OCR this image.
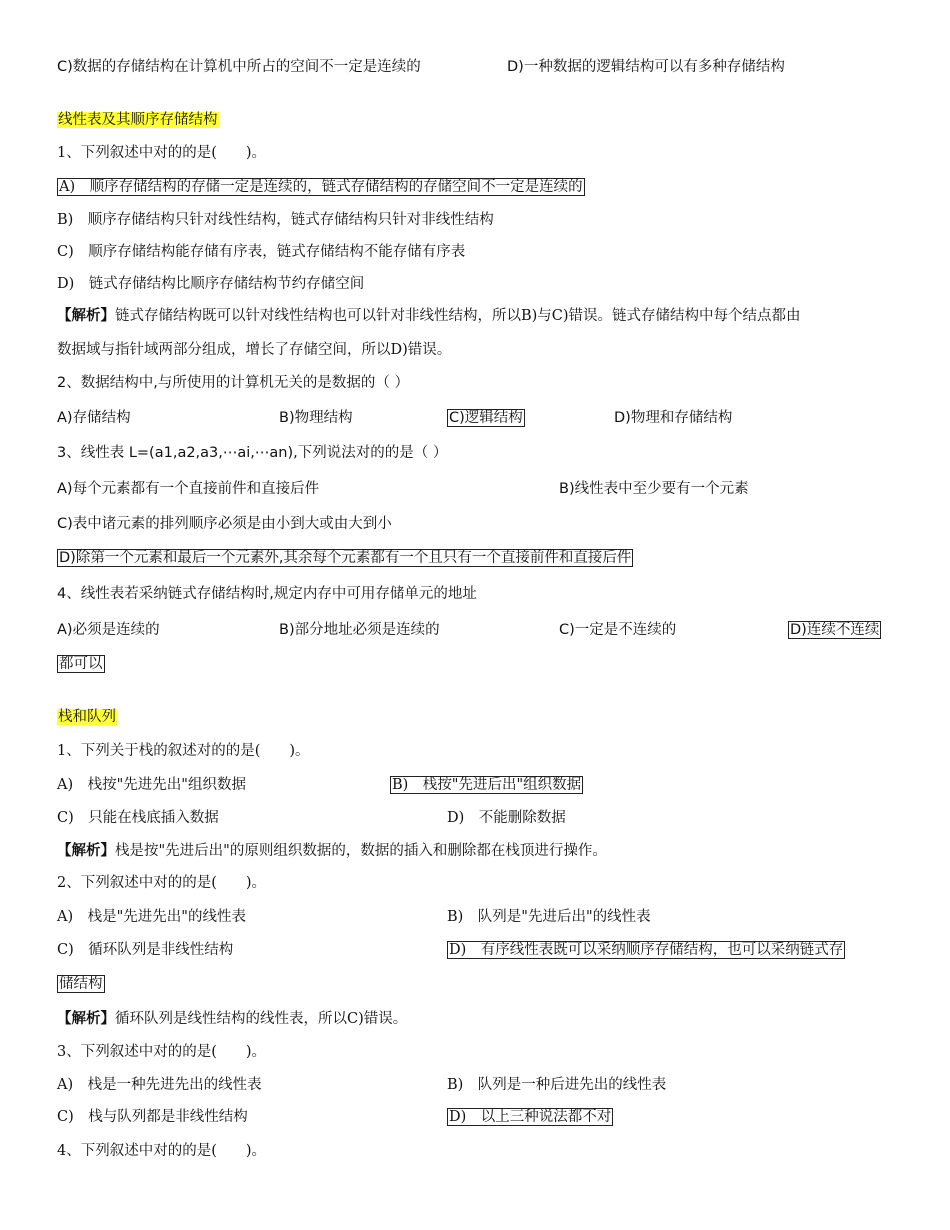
C)数据的存储结构在计算机中所占的空间不一定是连续的	D)一种数据的逻辑结构可以有多种存储结构
线性表及其顺序存储结构
1、下列叙述中对的的是(　　)。
A)　顺序存储结构的存储一定是连续的，链式存储结构的存储空间不一定是连续的
B)　顺序存储结构只针对线性结构，链式存储结构只针对非线性结构
C)　顺序存储结构能存储有序表，链式存储结构不能存储有序表
D)　链式存储结构比顺序存储结构节约存储空间
【解析】链式存储结构既可以针对线性结构也可以针对非线性结构，所以B)与C)错误。链式存储结构中每个结点都由
数据域与指针域两部分组成，增长了存储空间，所以D)错误。
2、数据结构中,与所使用的计算机无关的是数据的（ ）
A)存储结构	B)物理结构	C)逻辑结构	D)物理和存储结构
3、线性表 L=(a1,a2,a3,⋯ai,⋯an),下列说法对的的是（ ）
A)每个元素都有一个直接前件和直接后件	B)线性表中至少要有一个元素
C)表中诸元素的排列顺序必须是由小到大或由大到小
D)除第一个元素和最后一个元素外,其余每个元素都有一个且只有一个直接前件和直接后件
4、线性表若采纳链式存储结构时,规定内存中可用存储单元的地址
A)必须是连续的	B)部分地址必须是连续的	C)一定是不连续的	D)连续不连续
都可以
栈和队列
1、下列关于栈的叙述对的的是(　　)。
A)　栈按"先进先出"组织数据	B)　栈按"先进后出"组织数据
C)　只能在栈底插入数据	D)　不能删除数据
【解析】栈是按"先进后出"的原则组织数据的，数据的插入和删除都在栈顶进行操作。
2、下列叙述中对的的是(　　)。
A)　栈是"先进先出"的线性表	B)　队列是"先进后出"的线性表
C)　循环队列是非线性结构	D)　有序线性表既可以采纳顺序存储结构，也可以采纳链式存
储结构
【解析】循环队列是线性结构的线性表，所以C)错误。
3、下列叙述中对的的是(　　)。
A)　栈是一种先进先出的线性表	B)　队列是一种后进先出的线性表
C)　栈与队列都是非线性结构	D)　以上三种说法都不对
4、下列叙述中对的的是(　　)。
